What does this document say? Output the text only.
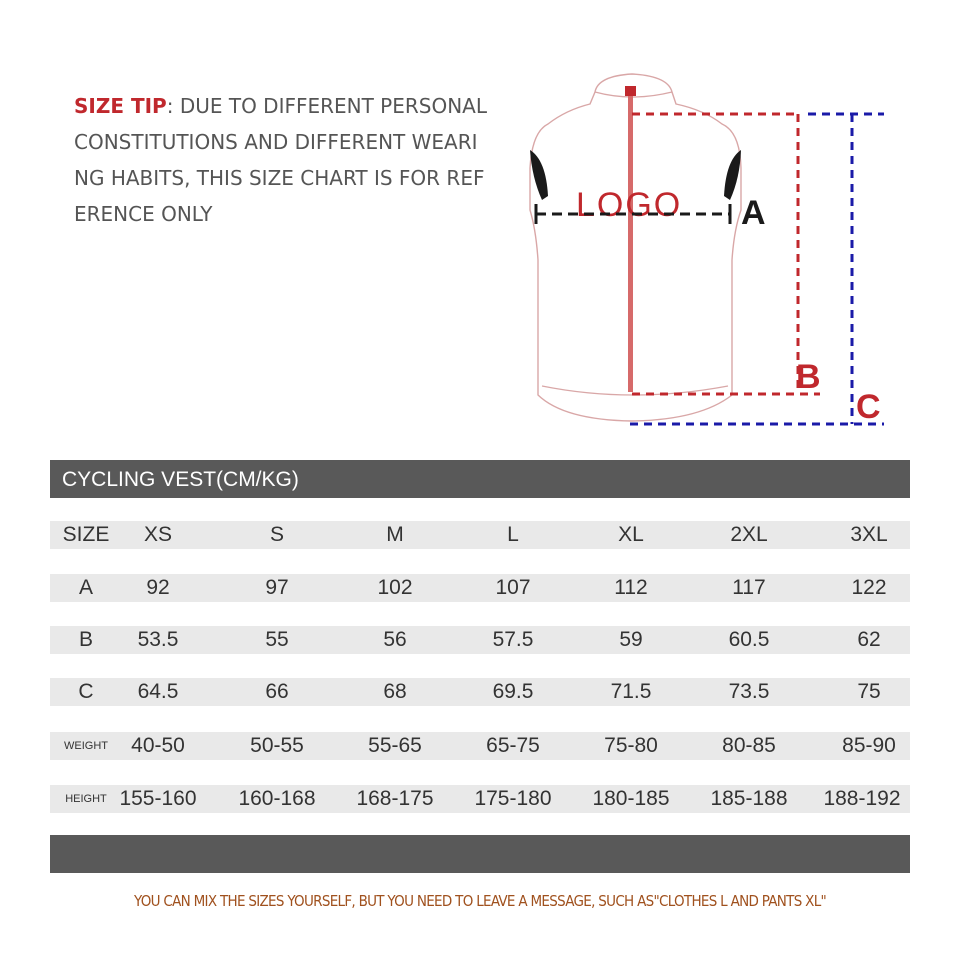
SIZE TIP: DUE TO DIFFERENT PERSONAL CONSTITUTIONS AND DIFFERENT WEARI NG HABITS, THIS SIZE CHART IS FOR REF ERENCE ONLY	LOGO A
B
C
CYCLING VEST(CM/KG)
SIZE	XS	S	M	L	XL	2XL	3XL
A	92	97	102	107	112	117	122
B	53.5	55	56	57.5	59	60.5	62
C	64.5	66	68	69.5	71.5	73.5	75
WEIGHT	40-50	50-55	55-65	65-75	75-80	80-85	85-90
HEIGHT 155-160	160-168	168-175	175-180	180-185	185-188	188-192
YOU CAN MIX THE SIZES YOURSELF, BUT YOU NEED TO LEAVE A MESSAGE, SUCH AS"CLOTHES L AND PANTS XL"
